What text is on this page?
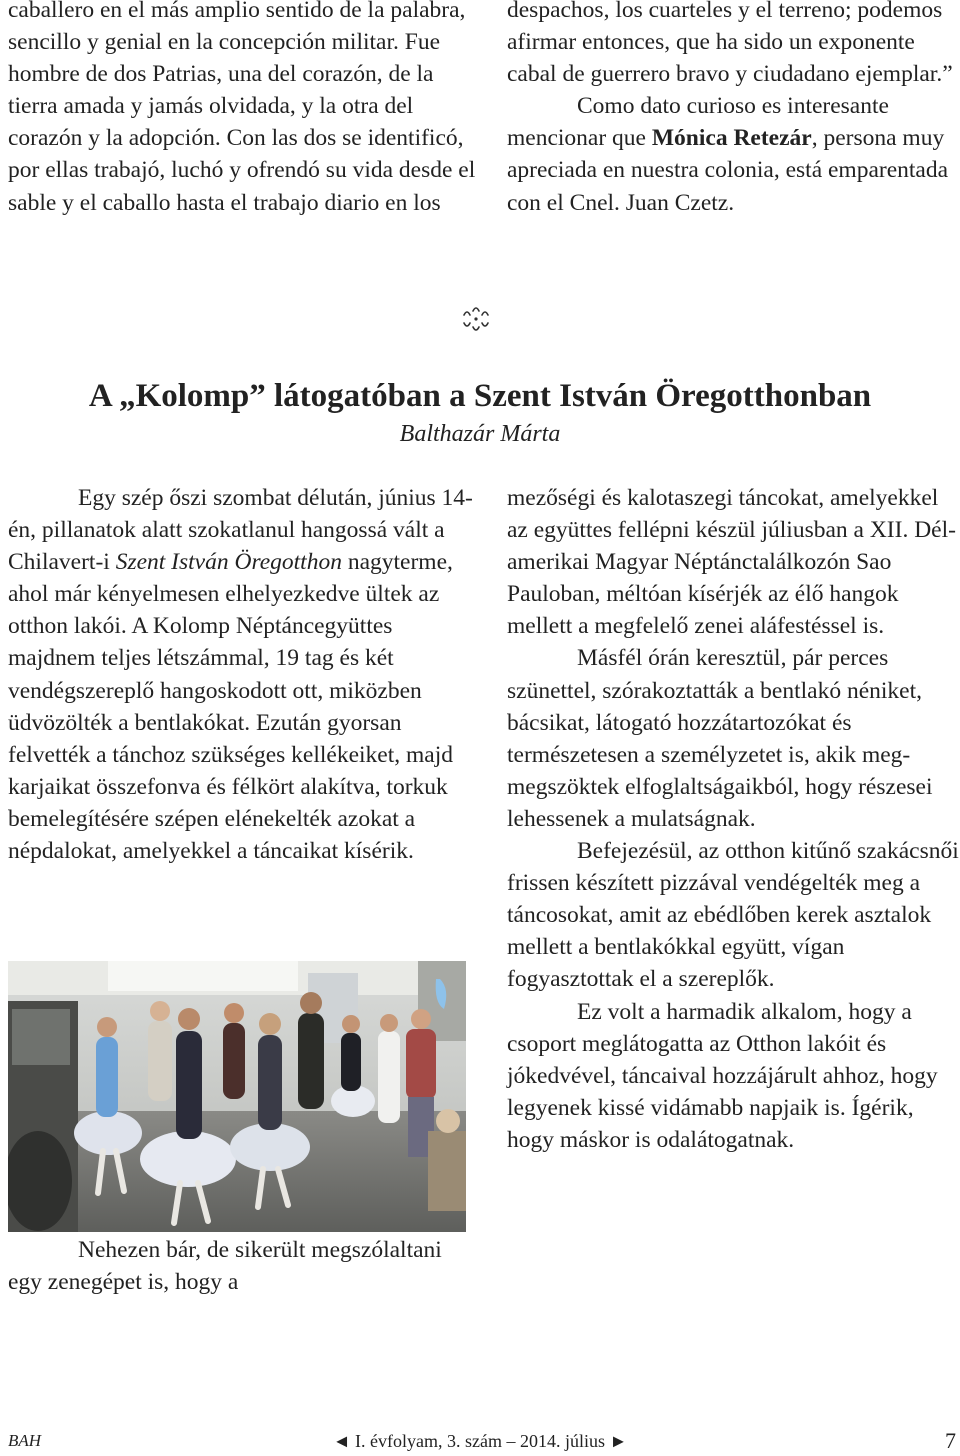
caballero en el más amplio sentido de la palabra, sencillo y genial en la concepción militar. Fue hombre de dos Patrias, una del corazón, de la tierra amada y jamás olvidada, y la otra del corazón y la adopción. Con las dos se identificó, por ellas trabajó, luchó y ofrendó su vida desde el sable y el caballo hasta el trabajo diario en los

despachos, los cuarteles y el terreno; podemos afirmar entonces, que ha sido un exponente cabal de guerrero bravo y ciudadano ejemplar.”

Como dato curioso es interesante mencionar que Mónica Retezár, persona muy apreciada en nuestra colonia, está emparentada con el Cnel. Juan Czetz.

A „Kolomp” látogatóban a Szent István Öregotthonban
Balthazár Márta

Egy szép őszi szombat délután, június 14-én, pillanatok alatt szokatlanul hangossá vált a Chilavert-i Szent István Öregotthon nagyterme, ahol már kényelmesen elhelyezkedve ültek az otthon lakói. A Kolomp Néptáncegyüttes majdnem teljes létszámmal, 19 tag és két vendégszereplő hangoskodott ott, miközben üdvözölték a bentlakókat. Ezután gyorsan felvették a tánchoz szükséges kellékeiket, majd karjaikat összefonva és félkört alakítva, torkuk bemelegítésére szépen elénekelték azokat a népdalokat, amelyekkel a táncaikat kísérik.

Nehezen bár, de sikerült megszólaltani egy zenegépet is, hogy a

mezőségi és kalotaszegi táncokat, amelyekkel az együttes fellépni készül júliusban a XII. Dél-amerikai Magyar Néptánctalálkozón Sao Pauloban, méltóan kísérjék az élő hangok mellett a megfelelő zenei aláfestéssel is.

Másfél órán keresztül, pár perces szünettel, szórakoztatták a bentlakó néniket, bácsikat, látogató hozzátartozókat és természetesen a személyzetet is, akik meg-megszöktek elfoglaltságaikból, hogy részesei lehessenek a mulatságnak.

Befejezésül, az otthon kitűnő szakácsnői frissen készített pizzával vendégelték meg a táncosokat, amit az ebédlőben kerek asztalok mellett a bentlakókkal együtt, vígan fogyasztottak el a szereplők.

Ez volt a harmadik alkalom, hogy a csoport meglátogatta az Otthon lakóit és jókedvével, táncaival hozzájárult ahhoz, hogy legyenek kissé vidámabb napjaik is. Ígérik, hogy máskor is odalátogatnak.

BAH	◄ I. évfolyam, 3. szám – 2014. július ►	7
